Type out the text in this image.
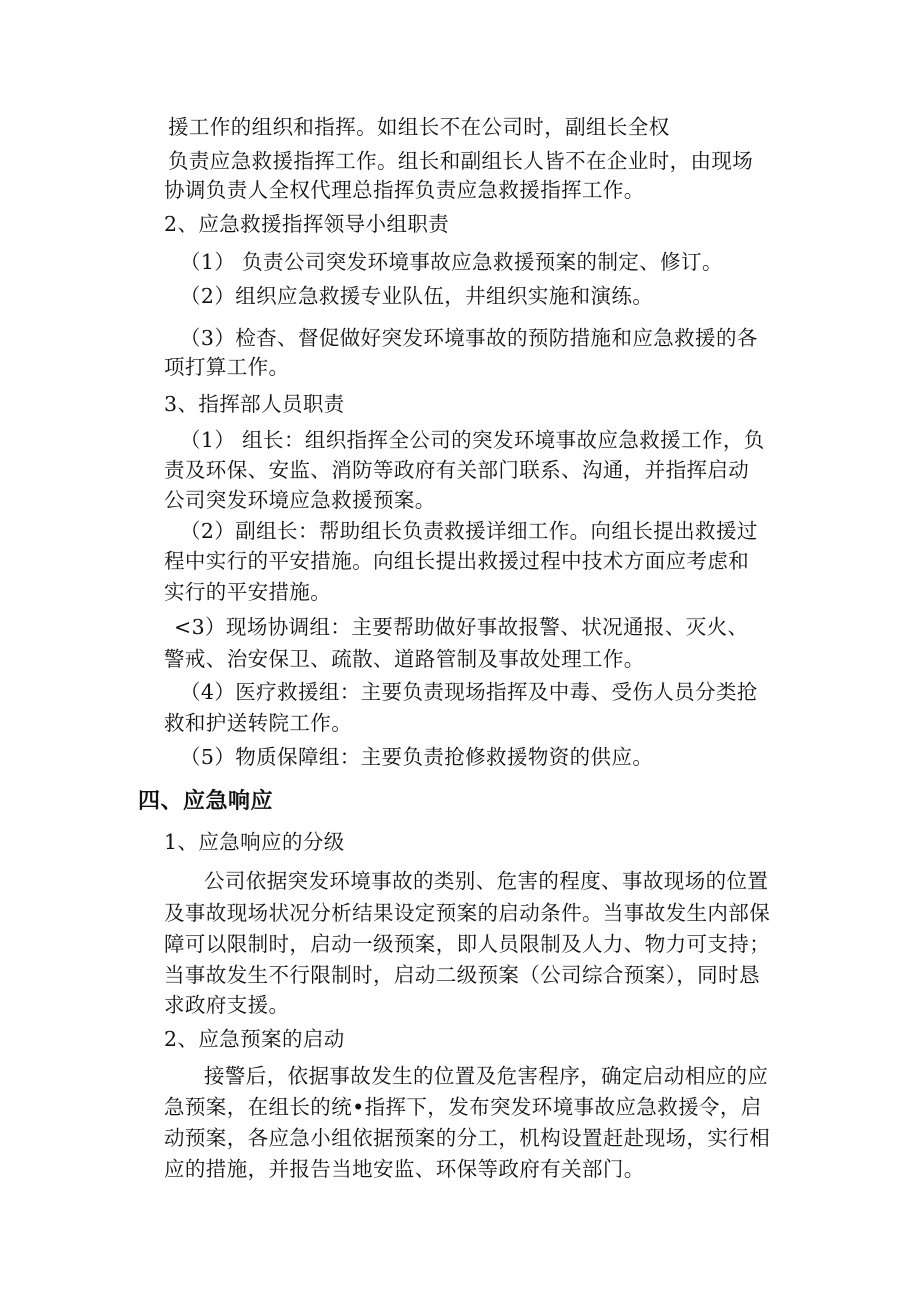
援工作的组织和指挥。如组长不在公司时，副组长全权
负责应急救援指挥工作。组长和副组长人皆不在企业时，由现场
协调负责人全权代理总指挥负责应急救援指挥工作。
2、应急救援指挥领导小组职责
（1） 负责公司突发环境事故应急救援预案的制定、修订。
（2）组织应急救援专业队伍，井组织实施和演练。
（3）检杳、督促做好突发环境事故的预防措施和应急救援的各
项打算工作。
3、指挥部人员职责
（1） 组长：组织指挥全公司的突发环境事故应急救援工作，负
责及环保、安监、消防等政府有关部门联系、沟通，并指挥启动
公司突发环境应急救援预案。
（2）副组长：帮助组长负责救援详细工作。向组长提出救援过
程中实行的平安措施。向组长提出救援过程中技术方面应考虑和
实行的平安措施。
<3）现场协调组：主要帮助做好事故报警、状况通报、灭火、
警戒、治安保卫、疏散、道路管制及事故处理工作。
（4）医疗救援组：主要负责现场指挥及中毒、受伤人员分类抢
救和护送转院工作。
（5）物质保障组：主要负责抢修救援物资的供应。
四、应急响应
1、应急响应的分级
公司依据突发环境事故的类别、危害的程度、事故现场的位置
及事故现场状况分析结果设定预案的启动条件。当事故发生内部保
障可以限制时，启动一级预案，即人员限制及人力、物力可支持；
当事故发生不行限制时，启动二级预案（公司综合预案），同时恳
求政府支援。
2、应急预案的启动
接警后，依据事故发生的位置及危害程序，确定启动相应的应
急预案，在组长的统•指挥下，发布突发环境事故应急救援令，启
动预案，各应急小组依据预案的分工，机构设置赶赴现场，实行相
应的措施，并报告当地安监、环保等政府有关部门。
